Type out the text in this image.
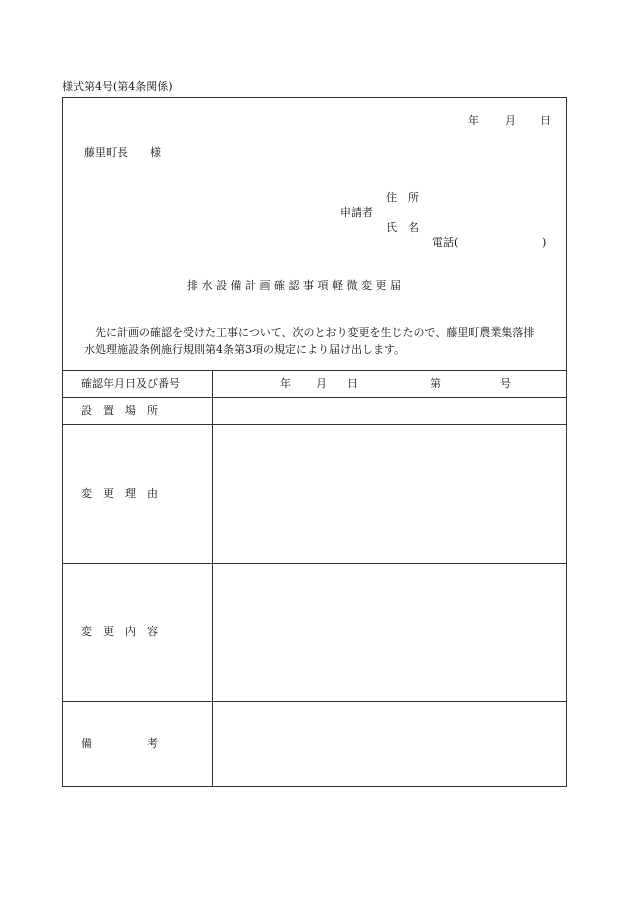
様式第4号(第4条関係)
年 月 日
藤里町長 様
住　所
申請者
氏　名
電話(	)
排 水 設 備 計 画 確 認 事 項 軽 微 変 更 届
先に計画の確認を受けた工事について、次のとおり変更を生じたので、藤里町農業集落排
水処理施設条例施行規則第4条第3項の規定により届け出します。
確認年月日及び番号	年 月 日	第	号
設　置　場　所
変　更　理　由
変　更　内　容
備　　　　　考
